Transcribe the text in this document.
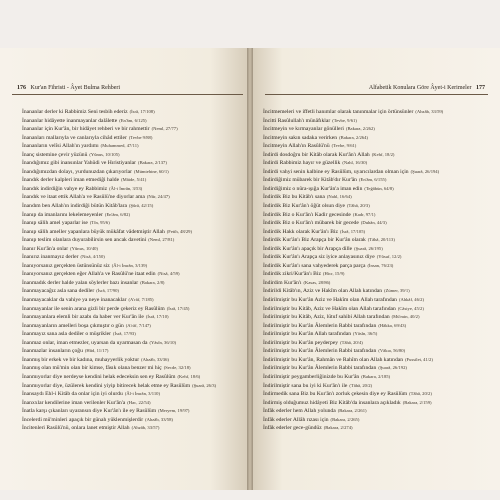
176 Kur'an Fihristi - Âyet Bulma Rehberi
İnananlar derler ki Rabbimiz Seni tesbih ederiz (İsrâ, 17/108)
İnananlar hidâyette inanmayanlar dalâlette (En'âm, 6/125)
İnananlar için Kur'ân, bir hidâyet rehberi ve bir rahmettir (Neml, 27/77)
İnananları mallarıyla ve canlarıyla cihâd ettiler (Tevbe 9/88)
İnananların velîsi Allah'ın yardımı (Muhammed, 47/11)
İnanç sistemine çevir yüzünü (Yûnus, 10/105)
İnandığımız gibi inansınlar Yahûdi ve Hıristiyanlar (Bakara, 2/137)
İnandığımızdan dolayı, yurdunuzdan çıkarıyorlar (Mümtehine, 60/1)
İnandık derler kalpleri iman etmediği halde (Mâide, 5/41)
İnandık indirdiğin vahye ey Rabbimiz (Âl-i İmrân, 3/53)
İnandık ve itaat ettik Allah'a ve Rasûlü'ne diyorlar ama (Nûr, 24/47)
İnandım ben Allah'ın indirdiği bütün Kitâb'lara (Şûrâ, 42/15)
İnanıp da imanlarını lekelemeyenler (En'âm, 6/82)
İnanıp sâlih amel yaparlar ise (Tîn, 95/6)
İnanıp sâlih ameller yapanlara büyük mükâfat vâdetmiştir Allah (Fetih, 48/29)
İnanıp teslim olanlara duyurabilirsin sen ancak davetini (Neml, 27/81)
İnanır Kur'ân'a onlar (Yûnus, 10/40)
İnanırız inanmayız derler (Nisâ, 4/150)
İnanıyorsanız gerçekten üstünsünüz siz (Âl-i İmrân, 3/139)
İnanıyorsanız gerçekten eğer Allah'a ve Rasûlü'ne itaat edin (Nisâ, 4/59)
İnanmadık derler halde yalan söylerler bazı insanlar (Bakara, 2/8)
İnanmayacağız asla sana dediler (İsrâ, 17/90)
İnanmayacaklar da vahiye ya neye inanacaklar (A'râf, 7/185)
İnanmayanlar ile senin arana gizli bir perde çekeriz ey Rasûlüm (İsrâ, 17/45)
İnanmayanlara elemli bir azabı da haber ver Kur'ân ile (İsrâ, 17/10)
İnanmayanların amelleri boşa çıkmıştır o gün (A'râf, 7/147)
İnanmayız sana asla dediler o müşrikler (İsrâ, 17/93)
İnanmaz onlar, iman etmezler, uyarsan da uyarmasan da (Yâsîn, 36/10)
İnanmazlar insanların çoğu (Hûd, 11/17)
İnanmış bir erkek ve bir kadına, muhayyerlik yoktur (Ahzâb, 33/36)
İnanmış olan mü'min olan bir kimse, fâsık olana benzer mi hiç (Secde, 32/18)
İnanmıyorlar diye nerdeyse kendini helak edeceksin sen ey Rasûlüm (Kehf, 18/6)
İnanmıyorlar diye, üzülerek kendini yiyip bitirecek helak etme ey Rasûlüm (Şuarâ, 26/3)
İnansaydı Ehl-i Kitâb da onlar için iyi olurdu (Âl-i İmrân, 3/110)
İnanxxlar kendilerine iman verilenler Kur'ân'a (Hac, 22/54)
İnatla karşı çıkanları uyaransın diye Kur'ân'ı ile ey Rasûlüm (Meryem, 19/97)
İncelerdi mü'minleri apaçık bir günah yüklenmişlerdir (Ahzâb, 33/58)
İncitenleri Rasûlü'nü, onlara lanet etmiştir Allah (Ahzâb, 33/57)
Alfabetik Konulara Göre Âyet-i Kerimeler 177
İncitmemeleri ve iffetli hanımlar olarak tanınmalar için örtünsünler (Ahzâb, 33/59)
İncitti Rasûlullah'ı münâfıklar (Tevbe, 9/61)
İncitmeyin ve kırmayanlar gönülleri (Bakara, 2/262)
İncitmeyin sakın sadaka verirken (Bakara, 2/264)
İncitmeyin Allah'ın Rasûlü'nü (Tevbe, 9/61)
İndirdi dosdoğru bir Kitâb olarak Kur'ân'ı Allah (Kehf, 18/2)
İndirdi Rabbimiz hayır ve güzellik (Nahl, 16/30)
İndirdi vahyi senin kalbine ey Rasûlüm, uyarıcılardan olman için (Şuarâ, 26/194)
İndirdiğimiz mübarek bir Kitâb'dır Kur'ân (En'âm, 6/155)
İndirdiğimiz o nûra-ışığa Kur'ân'a iman edin (Teğâbün, 64/8)
İndirdik Biz bu Kitâb'ı sana (Nahl, 16/64)
İndirdik Biz Kur'ân'ı öğüt olsun diye (Tâhâ, 20/3)
İndirdik Biz o Kur'ân'ı Kadir gecesinde (Kadr, 97/1)
İndirdik Biz o Kur'ân'ı mübarek bir gecede (Duhân, 44/3)
İndirdik Hakk olarak Kur'ân'ı Biz (İsrâ, 17/105)
İndirdik Kur'ân'ı Biz Arapça bir Kur'ân olarak (Tâhâ, 20/113)
İndirdik Kur'ân'ı apaçık bir Arapça dille (Şuarâ, 26/195)
İndirdik Kur'ân'ı Arapça siz iyice anlayasınız diye (Yûsuf, 12/2)
İndirdik Kur'ân'ı sana vahyederek parça parça (İnsan, 76/23)
İndirdik zikri/Kur'ân'ı Biz (Hicr, 15/9)
İndirdim Kur'ân'ı (Kasas, 28/86)
İndirildi Kitâb'ın, Aziz ve Hakîm olan Allah katından (Zümer, 39/1)
İndirilmiştir bu Kur'ân Aziz ve Hakîm olan Allah tarafından (Ahkâf, 46/2)
İndirilmiştir bu Kitâb, Aziz ve Hakîm olan Allah tarafından (Câsiye, 45/2)
İndirilmiştir bu Kitâb, Aziz, lütuf sahibi Allah tarafından (Mü'min, 40/2)
İndirilmiştir bu Kur'ân Âlemlerin Rabbi tarafından (Hâkka, 69/43)
İndirilmiştir bu Kur'ân Allah tarafından (Yâsîn, 36/5)
İndirilmiştir bu Kur'ân peyderpey (Tâhâ, 20/4)
İndirilmiştir bu Kur'ân Âlemlerin Rabbi tarafından (Vâkıa, 56/80)
İndirilmiştir bu Kur'ân, Rahmân ve Rahîm olan Allah katından (Fussilet, 41/2)
İndirilmiştir bu Kur'ân Âlemlerin Rabbi tarafından (Şuarâ, 26/192)
İndirilmiştir peygamberliğinizde bu Kur'ân (Bakara, 2/185)
İndirilmiştir sana bu iyi ki Kur'ân'ı ile (Tâhâ, 20/2)
İndirmedik sana Biz bu Kur'ân'ı zorluk çekesin diye ey Rasûlüm (Tâhâ, 20/2)
İndirmiş olduğumuz hidâyeti Biz Kitâb'da insanlara açıkladık (Bakara, 2/159)
İnfâk ederler hem Allah yolunda (Bakara, 2/261)
İnfâk ederler Allâh rızası için (Bakara, 2/265)
İnfâk ederler gece-gündüz (Bakara, 2/274)
